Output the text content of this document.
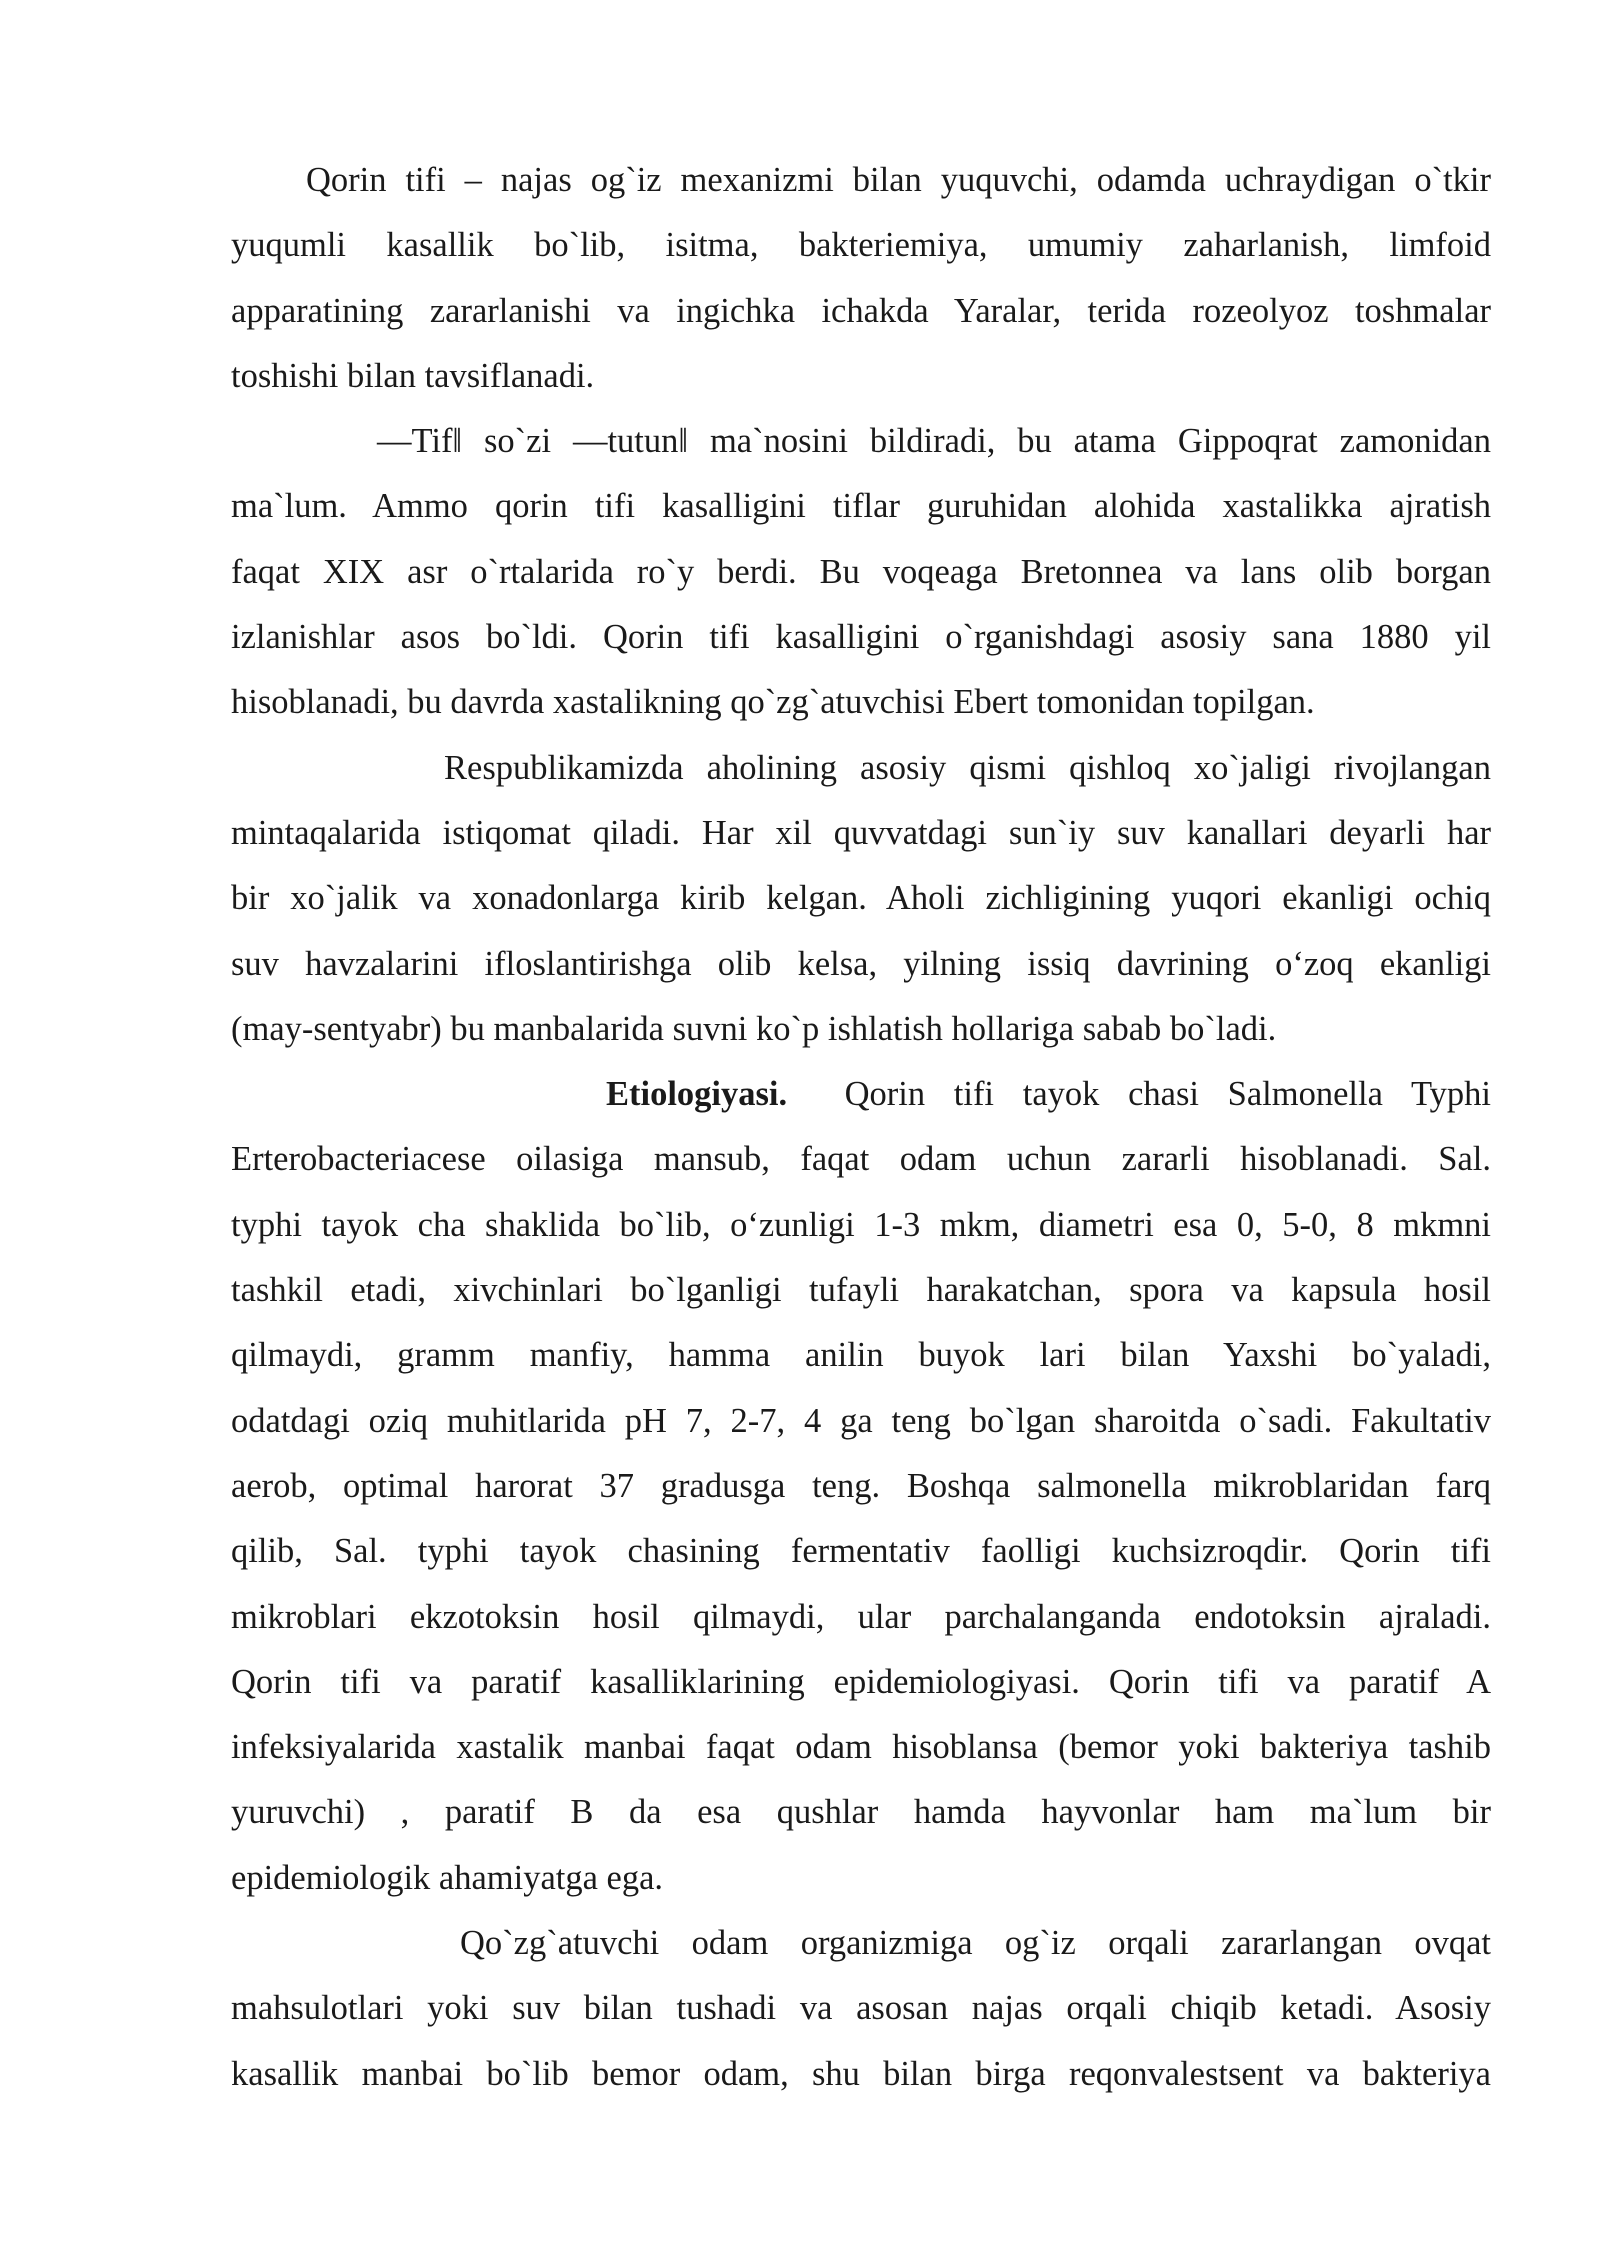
Qorin tifi – najas og`iz mexanizmi bilan yuquvchi, odamda uchraydigan o`tkir
yuqumli kasallik bo`lib, isitma, bakteriemiya, umumiy zaharlanish, limfoid
apparatining zararlanishi va ingichka ichakda Yaralar, terida rozeolyoz toshmalar
toshishi bilan tavsiflanadi.
―Tif‖ so`zi ―tutun‖ ma`nosini bildiradi, bu atama Gippoqrat zamonidan
ma`lum. Ammo qorin tifi kasalligini tiflar guruhidan alohida xastalikka ajratish
faqat XIX asr o`rtalarida ro`y berdi. Bu voqeaga Bretonnea va lans olib borgan
izlanishlar asos bo`ldi. Qorin tifi kasalligini o`rganishdagi asosiy sana 1880 yil
hisoblanadi, bu davrda xastalikning qo`zg`atuvchisi Ebert tomonidan topilgan.
Respublikamizda aholining asosiy qismi qishloq xo`jaligi rivojlangan
mintaqalarida istiqomat qiladi. Har xil quvvatdagi sun`iy suv kanallari deyarli har
bir xo`jalik va xonadonlarga kirib kelgan. Aholi zichligining yuqori ekanligi ochiq
suv havzalarini ifloslantirishga olib kelsa, yilning issiq davrining o‘zoq ekanligi
(may-sentyabr) bu manbalarida suvni ko`p ishlatish hollariga sabab bo`ladi.
Etiologiyasi. Qorin tifi tayok chasi Salmonella Typhi
Erterobacteriacese oilasiga mansub, faqat odam uchun zararli hisoblanadi. Sal.
typhi tayok cha shaklida bo`lib, o‘zunligi 1-3 mkm, diametri esa 0, 5-0, 8 mkmni
tashkil etadi, xivchinlari bo`lganligi tufayli harakatchan, spora va kapsula hosil
qilmaydi, gramm manfiy, hamma anilin buyok lari bilan Yaxshi bo`yaladi,
odatdagi oziq muhitlarida pH 7, 2-7, 4 ga teng bo`lgan sharoitda o`sadi. Fakultativ
aerob, optimal harorat 37 gradusga teng. Boshqa salmonella mikroblaridan farq
qilib, Sal. typhi tayok chasining fermentativ faolligi kuchsizroqdir. Qorin tifi
mikroblari ekzotoksin hosil qilmaydi, ular parchalanganda endotoksin ajraladi.
Qorin tifi va paratif kasalliklarining epidemiologiyasi. Qorin tifi va paratif A
infeksiyalarida xastalik manbai faqat odam hisoblansa (bemor yoki bakteriya tashib
yuruvchi) , paratif B da esa qushlar hamda hayvonlar ham ma`lum bir
epidemiologik ahamiyatga ega.
Qo`zg`atuvchi odam organizmiga og`iz orqali zararlangan ovqat
mahsulotlari yoki suv bilan tushadi va asosan najas orqali chiqib ketadi. Asosiy
kasallik manbai bo`lib bemor odam, shu bilan birga reqonvalestsent va bakteriya
